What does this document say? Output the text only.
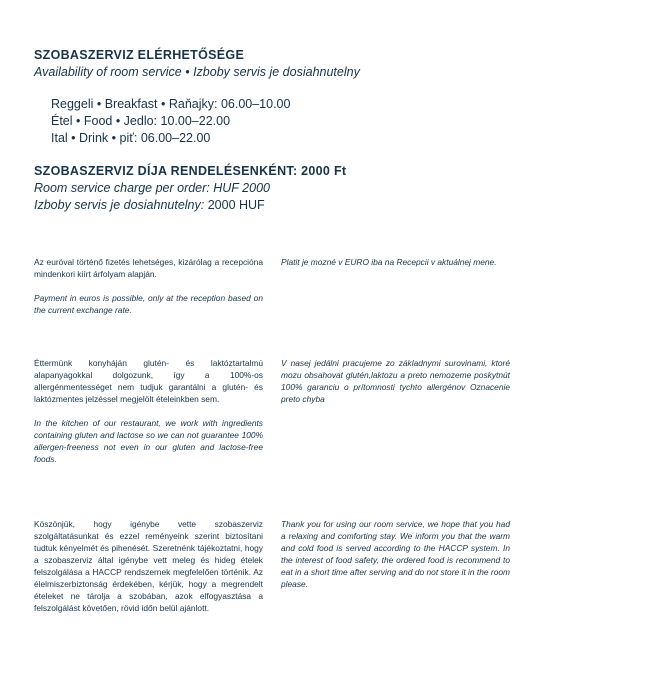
SZOBASZERVIZ ELÉRHETŐSÉGE
Availability of room service • Izboby servis je dosiahnutelny
Reggeli • Breakfast • Raňajky: 06.00–10.00
Étel • Food • Jedlo: 10.00–22.00
Ital • Drink • piť: 06.00–22.00
SZOBASZERVIZ DÍJA RENDELÉSENKÉNT: 2000 Ft
Room service charge per order: HUF 2000
Izboby servis je dosiahnutelny: 2000 HUF

Az euróval történő fizetés lehetséges, kizárólag a recepcióna mindenkori kiírt árfolyam alapján.

Payment in euros is possible, only at the reception based on the current exchange rate.

Platit je mozné v EURO iba na Recepcii v aktuálnej mene.

Éttermünk konyháján glutén- és laktóztartalmú alapanyagokkal dolgozunk, így a 100%-os allergénmentességet nem tudjuk garantálni a glutén- és laktózmentes jelzéssel megjelölt ételeinkben sem.

In the kitchen of our restaurant, we work with ingredients containing gluten and lactose so we can not guarantee 100% allergen-freeness not even in our gluten and lactose-free foods.

V nasej jedálni pracujeme zo základnymi surovinami, ktoré mozu obsahovat glutén,laktozu a preto nemozeme poskytnút 100% garanciu o prítomnosti tychto allergénov Oznacenie preto chyba

Köszönjük, hogy igénybe vette szobaszerviz szolgáltatásunkat és ezzel reményeink szerint biztosítani tudtuk kényelmét és pihenését. Szeretnénk tájékoztatni, hogy a szobaszerviz által igénybe vett meleg és hideg ételek felszolgálása a HACCP rendszernek megfelelően történik. Az élelmiszerbiztonság érdekében, kérjük, hogy a megrendelt ételeket ne tárolja a szobában, azok elfogyasztása a felszolgálást követően, rövid időn belül ajánlott.

Thank you for using our room service, we hope that you had a relaxing and comforting stay. We inform you that the warm and cold food is served according to the HACCP system. In the interest of food safety, the ordered food is recommend to eat in a short time after serving and do not store it in the room please.
